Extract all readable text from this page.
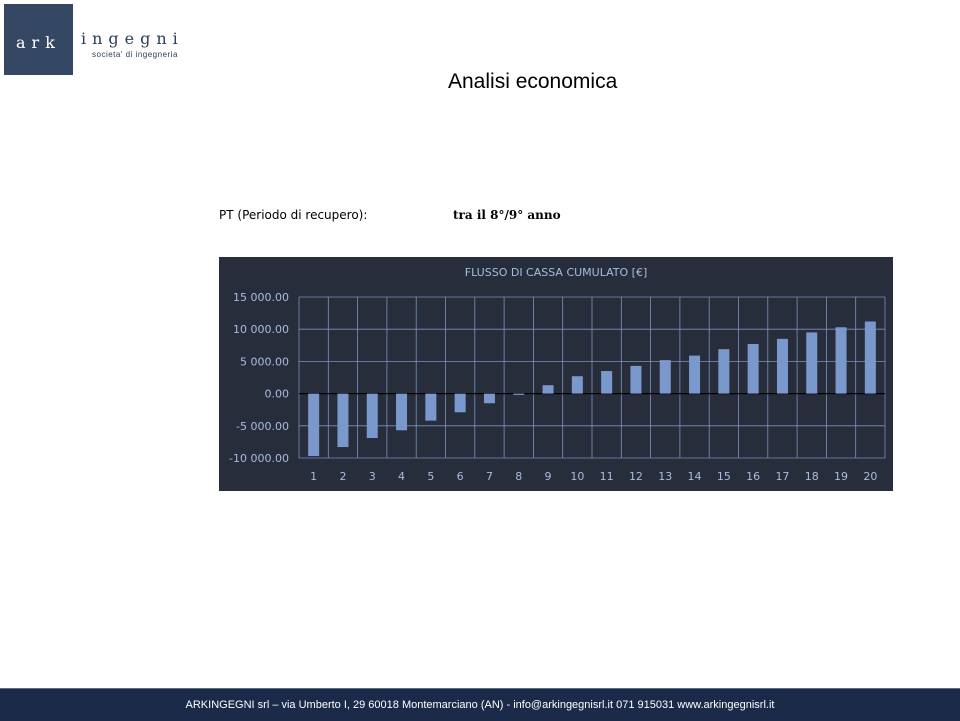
ark ingegni
societa' di ingegneria
Analisi economica
PT (Periodo di recupero):	tra il 8°/9° anno
FLUSSO DI CASSA CUMULATO [€]
15 000.00
10 000.00
5 000.00
0.00
-5 000.00
-10 000.00
1 2 3 4 5 6 7 8 9 10 11 12 13 14 15 16 17 18 19 20
ARKINGEGNI srl – via Umberto I, 29 60018 Montemarciano (AN) - info@arkingegnisrl.it 071 915031 www.arkingegnisrl.it
